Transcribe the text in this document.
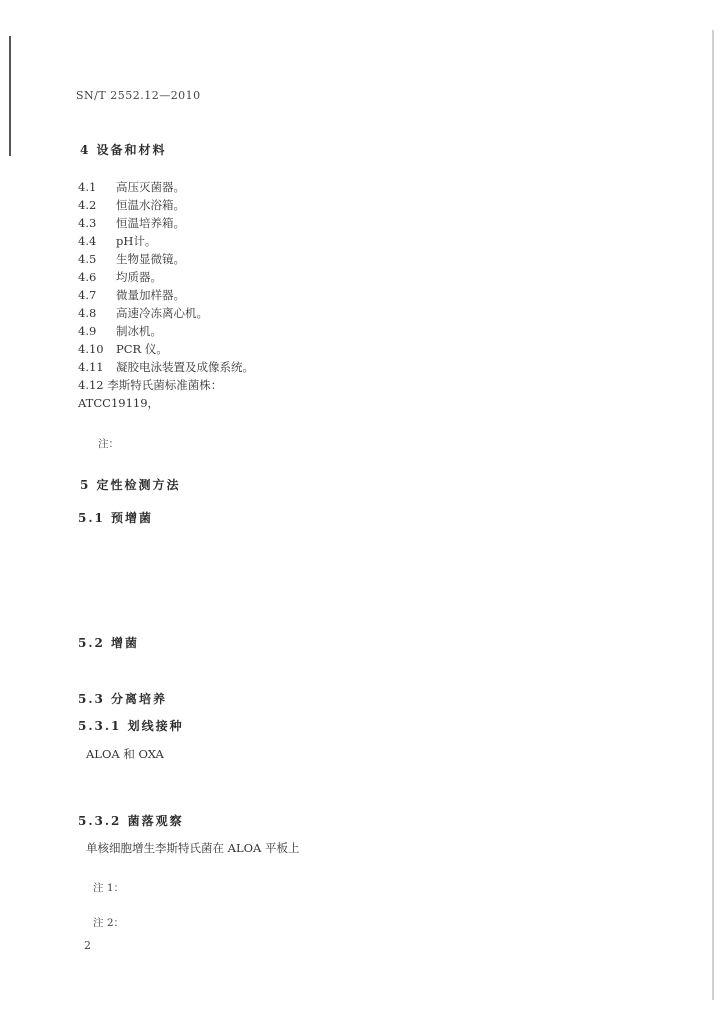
SN/T 2552.12—2010
4 设备和材料
4.1 高压灭菌器。
4.2 恒温水浴箱。
4.3 恒温培养箱。
4.4 pH计。
4.5 生物显微镜。
4.6 均质器。
4.7 微量加样器。
4.8 高速冷冻离心机。
4.9 制冰机。
4.10 PCR 仪。
4.11 凝胶电泳装置及成像系统。
4.12 李斯特氏菌标准菌株：
ATCC19119，
注：
5 定性检测方法
5.1 预增菌
5.2 增菌
5.3 分离培养
5.3.1 划线接种
ALOA 和 OXA
5.3.2 菌落观察
单核细胞增生李斯特氏菌在 ALOA 平板上
注 1：
注 2：
2
